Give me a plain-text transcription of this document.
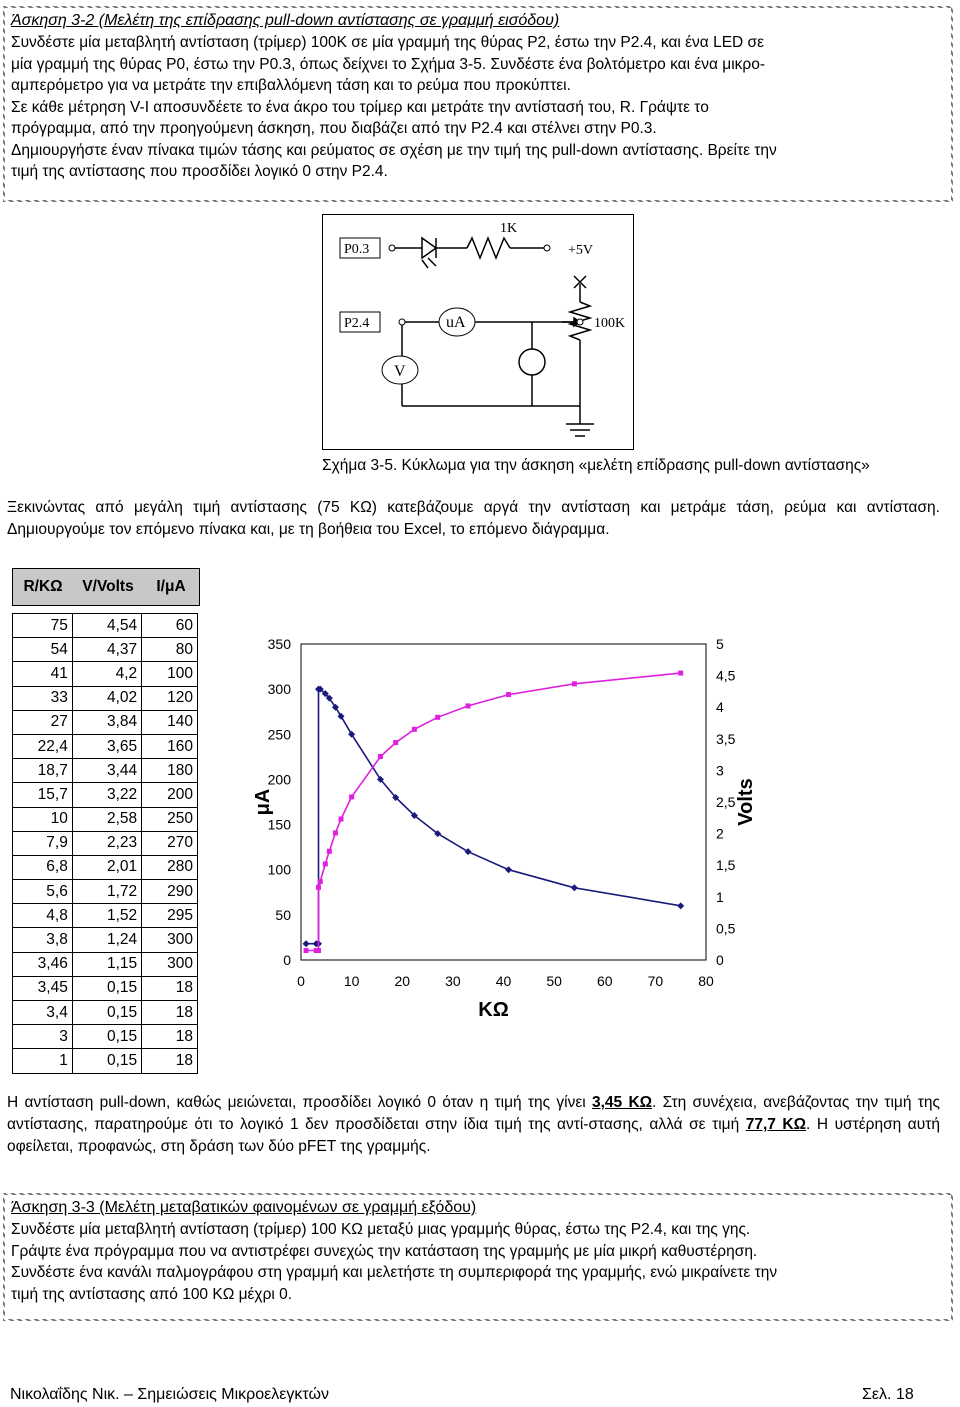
Άσκηση 3-2 (Μελέτη της επίδρασης pull-down αντίστασης σε γραμμή εισόδου)
Συνδέστε μία μεταβλητή αντίσταση (τρίμερ) 100K σε μία γραμμή της θύρας P2, έστω την P2.4, και ένα LED σε
μία γραμμή της θύρας P0, έστω την P0.3, όπως δείχνει το Σχήμα 3-5. Συνδέστε ένα βολτόμετρο και ένα μικρο-
αμπερόμετρο για να μετράτε την επιβαλλόμενη τάση και το ρεύμα που προκύπτει.
Σε κάθε μέτρηση V-I αποσυνδέετε το ένα άκρο του τρίμερ και μετράτε την αντίστασή του, R. Γράψτε το
πρόγραμμα, από την προηγούμενη άσκηση, που διαβάζει από την P2.4 και στέλνει στην P0.3.
Δημιουργήστε έναν πίνακα τιμών τάσης και ρεύματος σε σχέση με την τιμή της pull-down αντίστασης. Βρείτε την
τιμή της αντίστασης που προσδίδει λογικό 0 στην P2.4.
P0.3
1K
+5V
P2.4	uA	100K
V
Σχήμα 3-5. Κύκλωμα για την άσκηση «μελέτη επίδρασης pull-down αντίστασης»
Ξεκινώντας από μεγάλη τιμή αντίστασης (75 ΚΩ) κατεβάζουμε αργά την αντίσταση και μετράμε τάση, ρεύμα και αντίσταση. Δημιουργούμε τον επόμενο πίνακα και, με τη βοήθεια του Excel, το επόμενο διάγραμμα.
R/ΚΩ	V/Volts	I/μA
75	4,54	60
54	4,37	80
41	4,2	100
33	4,02	120
27	3,84	140
22,4	3,65	160
18,7	3,44	180
15,7	3,22	200
10	2,58	250
7,9	2,23	270
6,8	2,01	280
5,6	1,72	290
4,8	1,52	295
3,8	1,24	300
3,46	1,15	300
3,45	0,15	18
3,4	0,15	18
3	0,15	18
1	0,15	18
0
50
100
150
200
250
300
350
0
0,5
1
1,5
2
2,5
3
3,5
4
4,5
5
0	10	20	30	40	50	60	70	80
ΚΩ
μA	Volts
Η αντίσταση pull-down, καθώς μειώνεται, προσδίδει λογικό 0 όταν η τιμή της γίνει 3,45 ΚΩ. Στη συνέχεια, ανεβάζοντας την τιμή της αντίστασης, παρατηρούμε ότι το λογικό 1 δεν προσδίδεται στην ίδια τιμή της αντί-στασης, αλλά σε τιμή 77,7 ΚΩ. Η υστέρηση αυτή οφείλεται, προφανώς, στη δράση των δύο pFET της γραμμής.
Άσκηση 3-3 (Μελέτη μεταβατικών φαινομένων σε γραμμή εξόδου)
Συνδέστε μία μεταβλητή αντίσταση (τρίμερ) 100 ΚΩ μεταξύ μιας γραμμής θύρας, έστω της P2.4, και της γης.
Γράψτε ένα πρόγραμμα που να αντιστρέφει συνεχώς την κατάσταση της γραμμής με μία μικρή καθυστέρηση.
Συνδέστε ένα κανάλι παλμογράφου στη γραμμή και μελετήστε τη συμπεριφορά της γραμμής, ενώ μικραίνετε την
τιμή της αντίστασης από 100 ΚΩ μέχρι 0.
Νικολαΐδης Νικ. – Σημειώσεις Μικροελεγκτών	Σελ. 18
